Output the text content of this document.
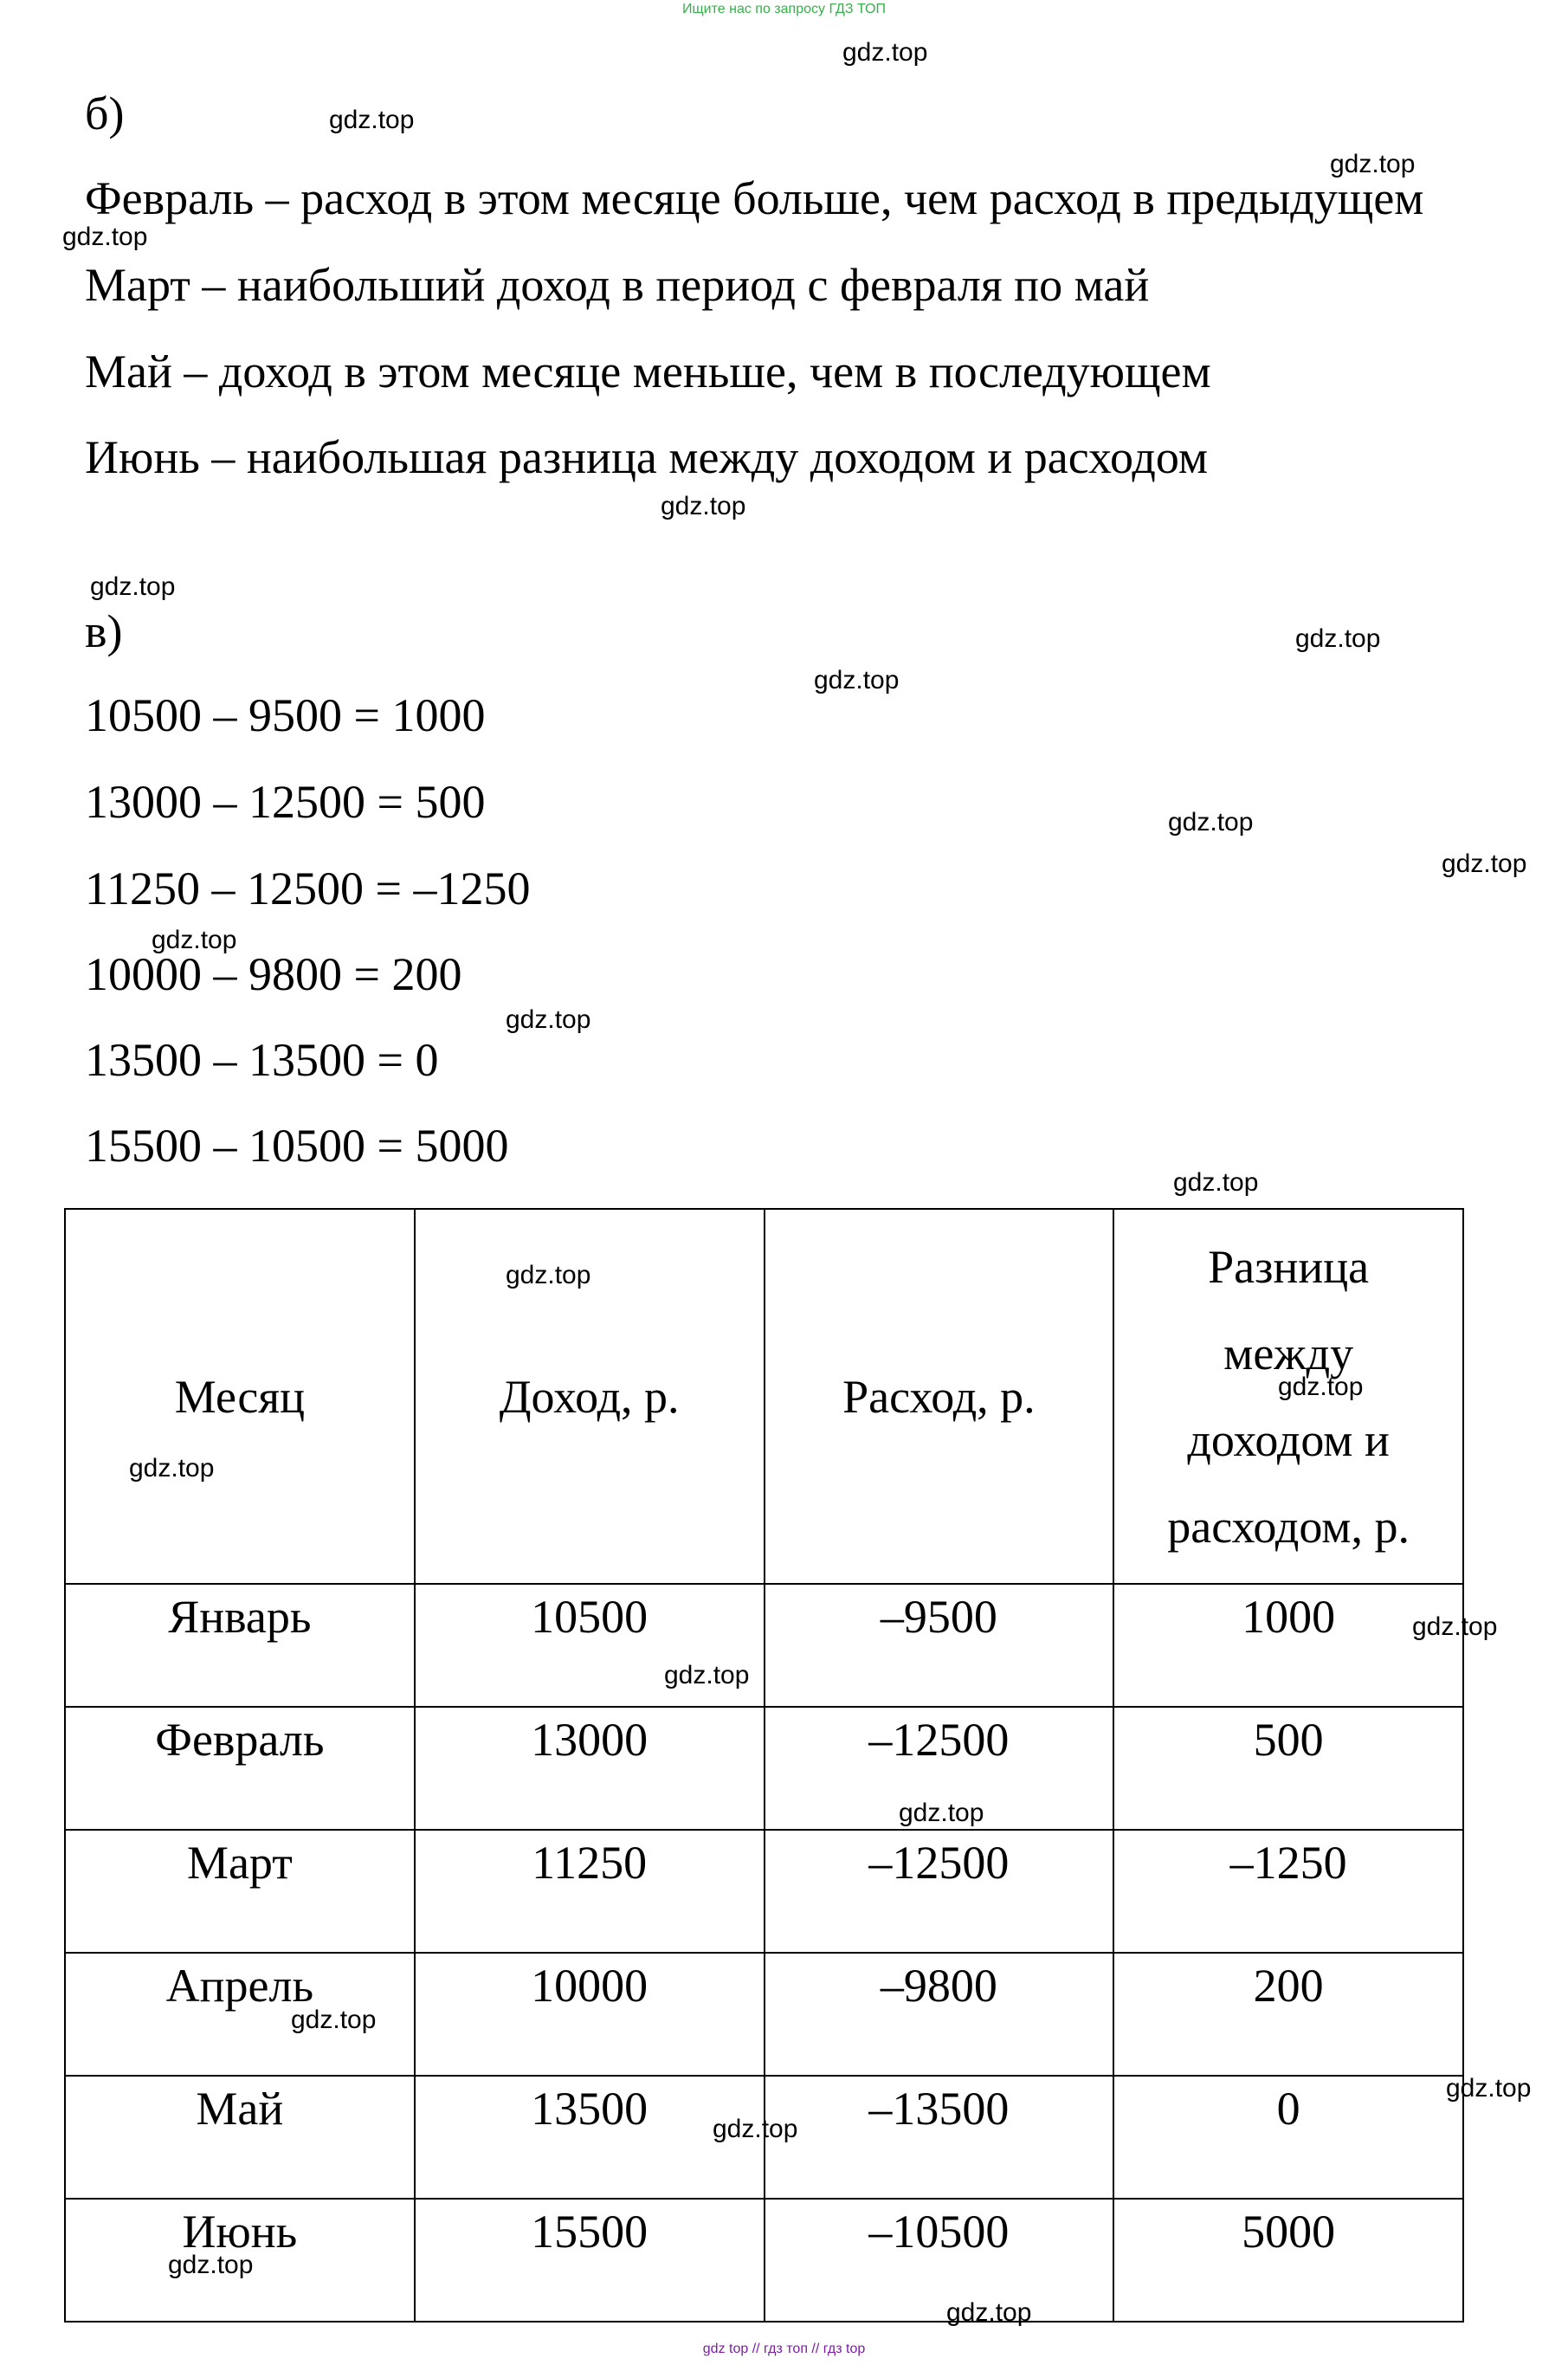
Ищите нас по запросу ГДЗ ТОП
б)
Февраль – расход в этом месяце больше, чем расход в предыдущем
Март – наибольший доход в период с февраля по май
Май – доход в этом месяце меньше, чем в последующем
Июнь – наибольшая разница между доходом и расходом
в)
10500 – 9500 = 1000
13000 – 12500 = 500
11250 – 12500 = –1250
10000 – 9800 = 200
13500 – 13500 = 0
15500 – 10500 = 5000
Месяц	Доход, р.	Расход, р.	Разница
между
доходом и
расходом, р.

Январь	10500	–9500	1000
Февраль	13000	–12500	500
Март	11250	–12500	–1250
Апрель	10000	–9800	200
Май	13500	–13500	0
Июнь	15500	–10500	5000
gdz.top
gdz.top
gdz.top
gdz.top
gdz.top
gdz.top
gdz.top
gdz.top
gdz.top
gdz.top
gdz.top
gdz.top
gdz.top
gdz.top
gdz.top
gdz.top
gdz.top
gdz.top
gdz.top
gdz.top
gdz.top
gdz.top
gdz.top
gdz.top
gdz top // гдз топ // гдз top
